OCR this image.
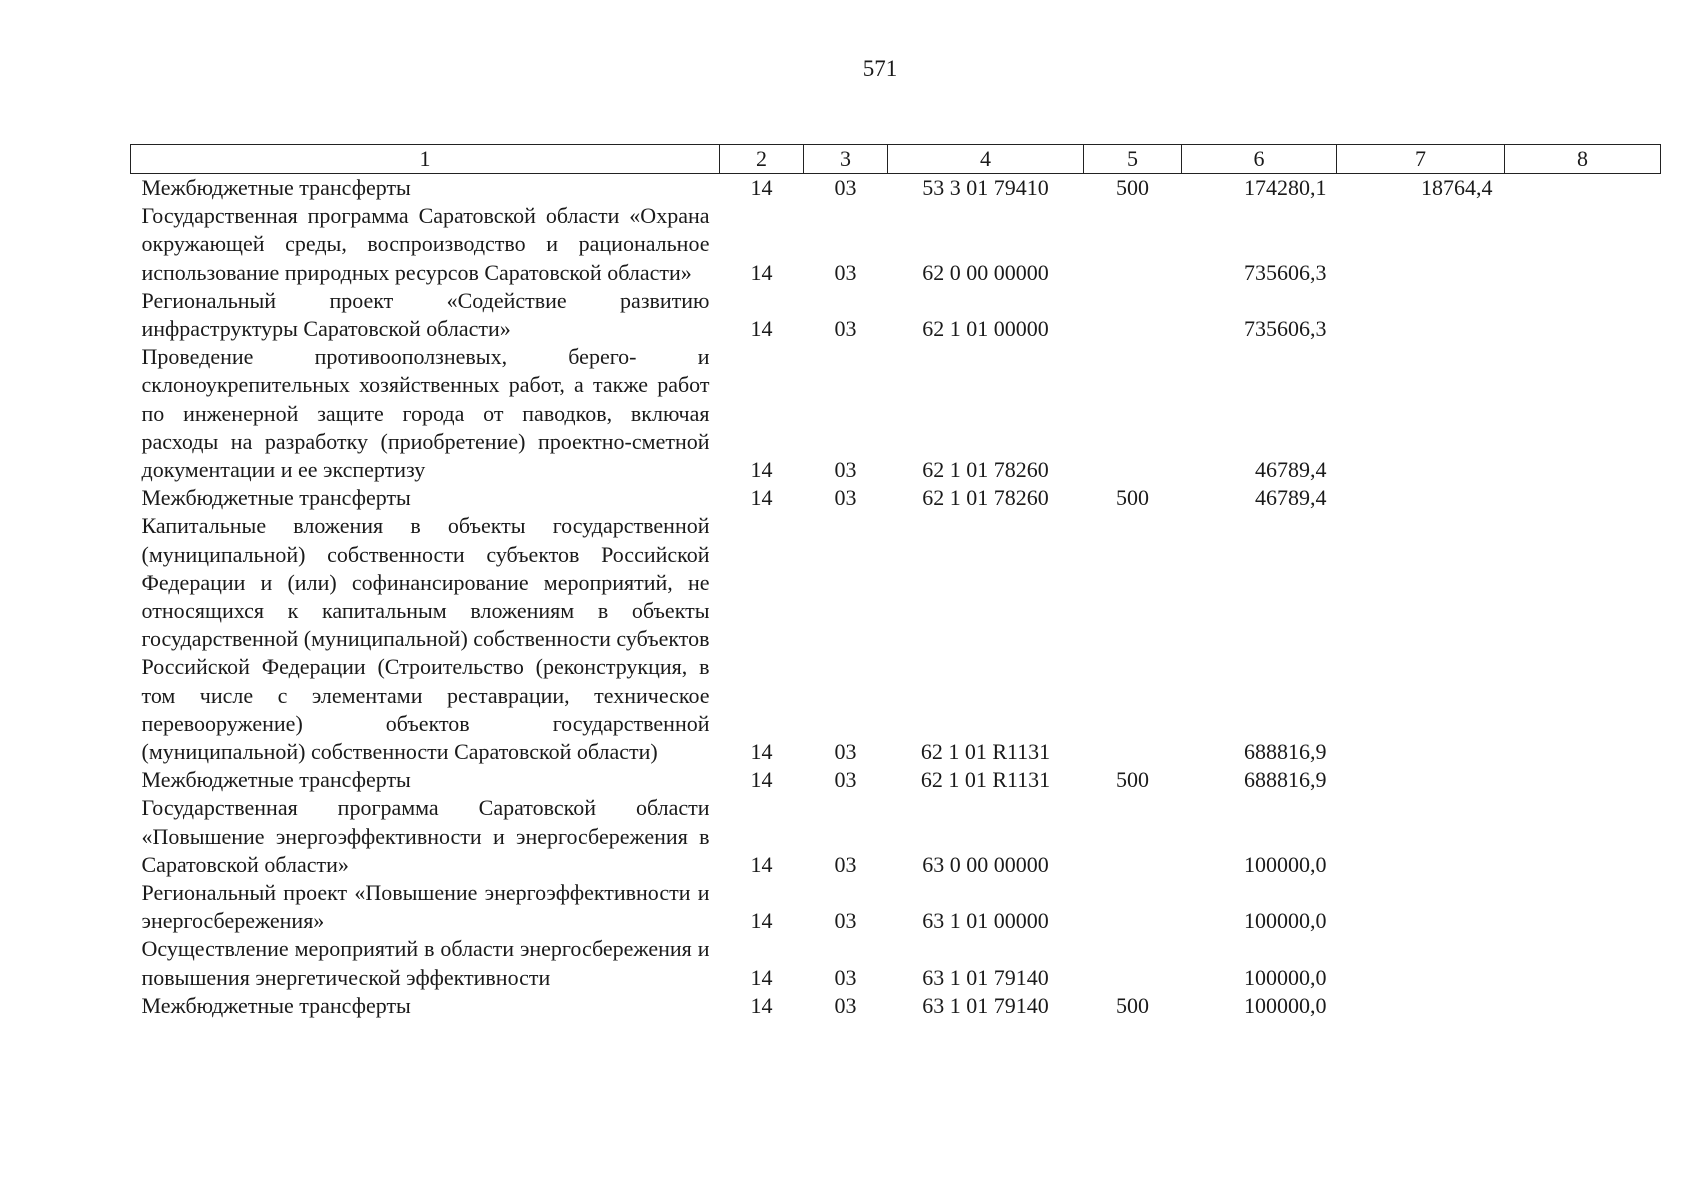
571
1	2	3	4	5	6	7	8
Межбюджетные трансферты	14	03	53 3 01 79410	500	174280,1	18764,4	
Государственная программа Саратовской области «Охрана окружающей среды, воспроизводство и рациональное использование природных ресурсов Саратовской области»	14	03	62 0 00 00000		735606,3		
Региональный проект «Содействие развитию инфраструктуры Саратовской области»	14	03	62 1 01 00000		735606,3		
Проведение противооползневых, берего- и склоноукрепительных хозяйственных работ, а также работ по инженерной защите города от паводков, включая расходы на разработку (приобретение) проектно-сметной документации и ее экспертизу	14	03	62 1 01 78260		46789,4		
Межбюджетные трансферты	14	03	62 1 01 78260	500	46789,4		
Капитальные вложения в объекты государственной (муниципальной) собственности субъектов Российской Федерации и (или) софинансирование мероприятий, не относящихся к капитальным вложениям в объекты государственной (муниципальной) собственности субъектов Российской Федерации (Строительство (реконструкция, в том числе с элементами реставрации, техническое перевооружение) объектов государственной (муниципальной) собственности Саратовской области)	14	03	62 1 01 R1131		688816,9		
Межбюджетные трансферты	14	03	62 1 01 R1131	500	688816,9		
Государственная программа Саратовской области «Повышение энергоэффективности и энергосбережения в Саратовской области»	14	03	63 0 00 00000		100000,0		
Региональный проект «Повышение энергоэффективности и энергосбережения»	14	03	63 1 01 00000		100000,0		
Осуществление мероприятий в области энергосбережения и повышения энергетической эффективности	14	03	63 1 01 79140		100000,0		
Межбюджетные трансферты	14	03	63 1 01 79140	500	100000,0		
